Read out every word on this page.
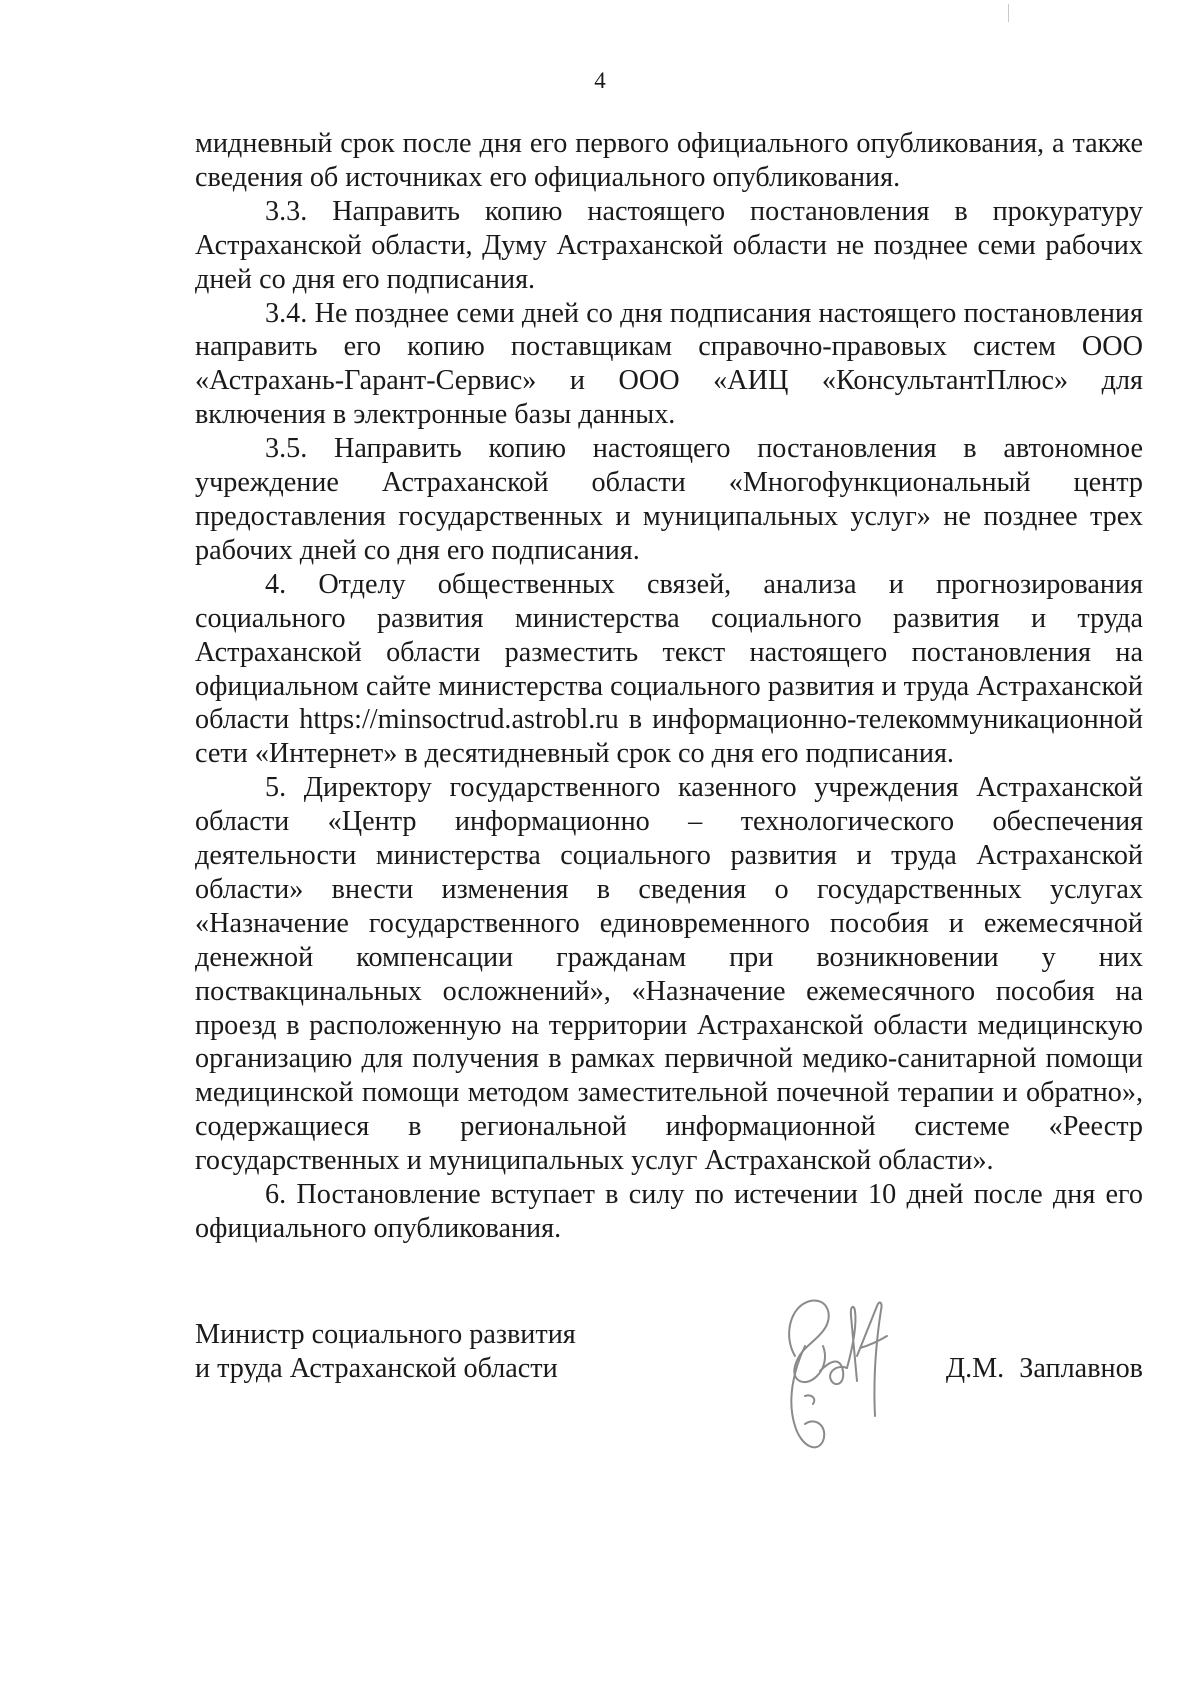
4

мидневный срок после дня его первого официального опубликования, а также сведения об источниках его официального опубликования.

3.3. Направить копию настоящего постановления в прокуратуру Астраханской области, Думу Астраханской области не позднее семи рабочих дней со дня его подписания.

3.4. Не позднее семи дней со дня подписания настоящего постановления направить его копию поставщикам справочно-правовых систем ООО «Астрахань-Гарант-Сервис» и ООО «АИЦ «КонсультантПлюс» для включения в электронные базы данных.

3.5. Направить копию настоящего постановления в автономное учреждение Астраханской области «Многофункциональный центр предоставления государственных и муниципальных услуг» не позднее трех рабочих дней со дня его подписания.

4. Отделу общественных связей, анализа и прогнозирования социального развития министерства социального развития и труда Астраханской области разместить текст настоящего постановления на официальном сайте министерства социального развития и труда Астраханской области https://minsoctrud.astrobl.ru в информационно-телекоммуникационной сети «Интернет» в десятидневный срок со дня его подписания.

5. Директору государственного казенного учреждения Астраханской области «Центр информационно – технологического обеспечения деятельности министерства социального развития и труда Астраханской области» внести изменения в сведения о государственных услугах «Назначение государственного единовременного пособия и ежемесячной денежной компенсации гражданам при возникновении у них поствакцинальных осложнений», «Назначение ежемесячного пособия на проезд в расположенную на территории Астраханской области медицинскую организацию для получения в рамках первичной медико-санитарной помощи медицинской помощи методом заместительной почечной терапии и обратно», содержащиеся в региональной информационной системе «Реестр государственных и муниципальных услуг Астраханской области».

6. Постановление вступает в силу по истечении 10 дней после дня его официального опубликования.

Министр социального развития
и труда Астраханской области	Д.М. Заплавнов
